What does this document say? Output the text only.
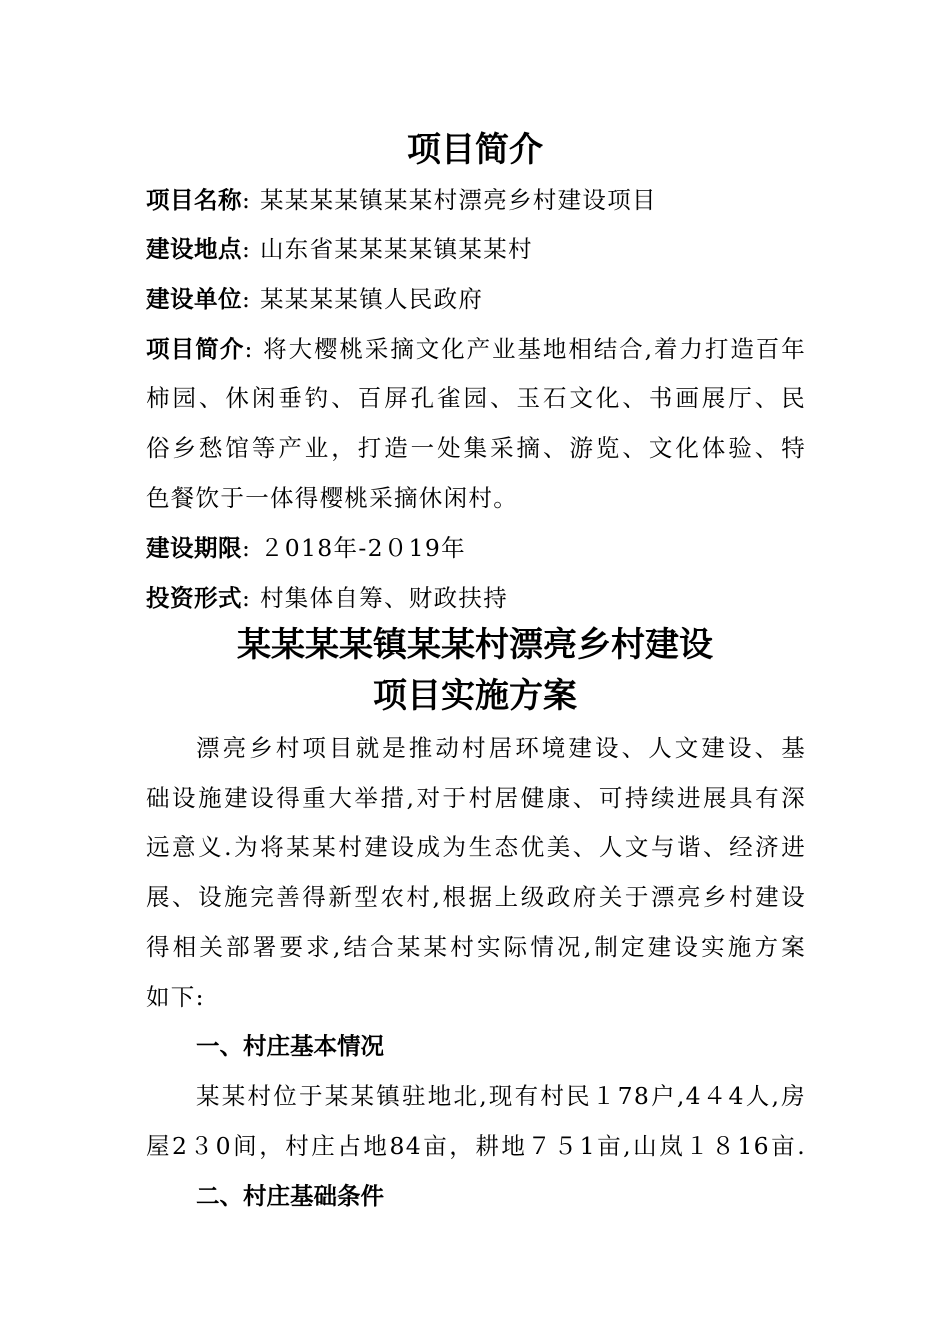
项目简介
项目名称: 某某某某镇某某村漂亮乡村建设项目
建设地点: 山东省某某某某镇某某村
建设单位: 某某某某镇人民政府
项目简介: 将大樱桃采摘文化产业基地相结合,着力打造百年
柿园、休闲垂钓、百屏孔雀园、玉石文化、书画展厅、民
俗乡愁馆等产业，打造一处集采摘、游览、文化体验、特
色餐饮于一体得樱桃采摘休闲村。
建设期限: ２018年-2０19年
投资形式: 村集体自筹、财政扶持
某某某某镇某某村漂亮乡村建设
项目实施方案
漂亮乡村项目就是推动村居环境建设、人文建设、基
础设施建设得重大举措,对于村居健康、可持续进展具有深
远意义.为将某某村建设成为生态优美、人文与谐、经济进
展、设施完善得新型农村,根据上级政府关于漂亮乡村建设
得相关部署要求,结合某某村实际情况,制定建设实施方案
如下:
一、村庄基本情况
某某村位于某某镇驻地北,现有村民１78户,4４4人,房
屋2３0间，村庄占地84亩，耕地７５1亩,山岚１８16亩.
二、村庄基础条件
